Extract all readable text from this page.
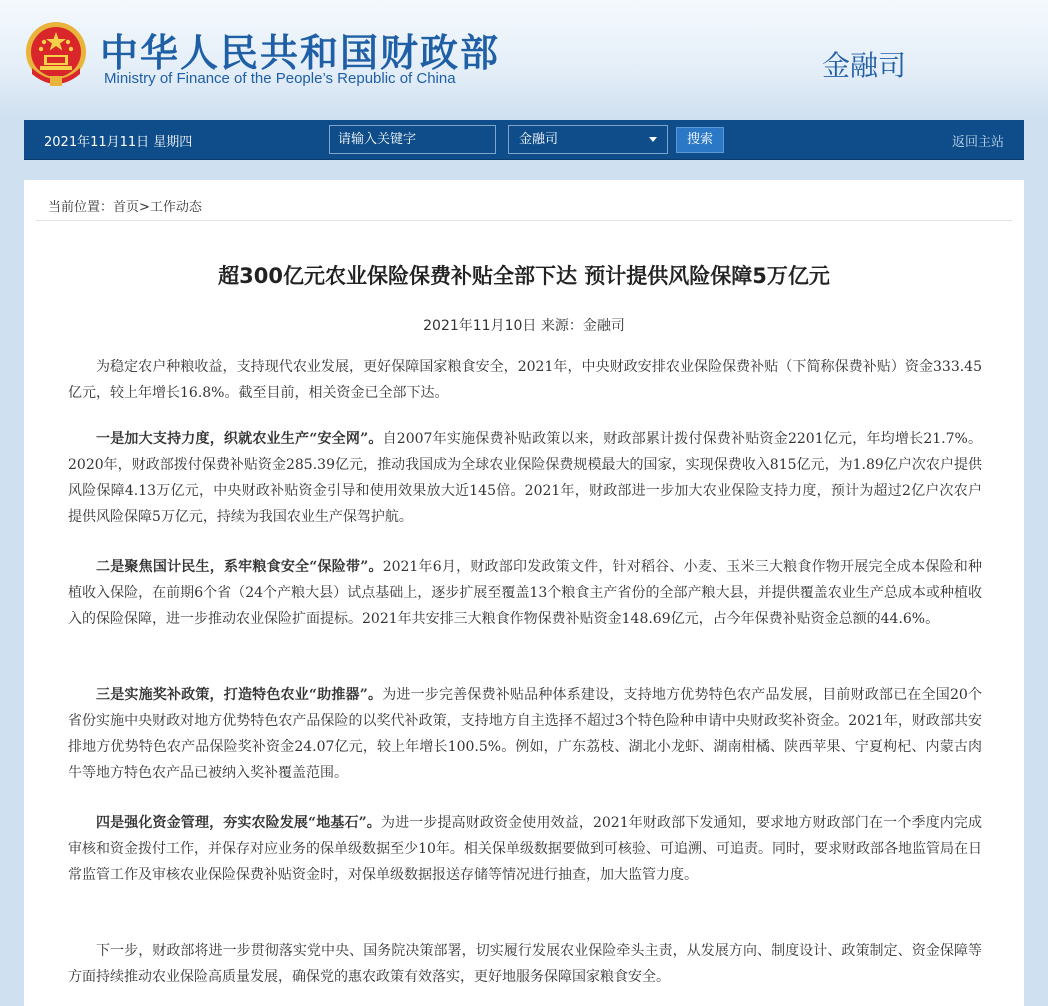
中华人民共和国财政部
Ministry of Finance of the People’s Republic of China	金融司
2021年11月11日 星期四
请输入关键字	金融司	搜索	返回主站
当前位置：首页>工作动态
超300亿元农业保险保费补贴全部下达 预计提供风险保障5万亿元
2021年11月10日 来源：金融司
为稳定农户种粮收益，支持现代农业发展，更好保障国家粮食安全，2021年，中央财政安排农业保险保费补贴（下简称保费补贴）资金333.45亿元，较上年增长16.8%。截至目前，相关资金已全部下达。
一是加大支持力度，织就农业生产“安全网”。自2007年实施保费补贴政策以来，财政部累计拨付保费补贴资金2201亿元，年均增长21.7%。2020年，财政部拨付保费补贴资金285.39亿元，推动我国成为全球农业保险保费规模最大的国家，实现保费收入815亿元，为1.89亿户次农户提供风险保障4.13万亿元，中央财政补贴资金引导和使用效果放大近145倍。2021年，财政部进一步加大农业保险支持力度，预计为超过2亿户次农户提供风险保障5万亿元，持续为我国农业生产保驾护航。
二是聚焦国计民生，系牢粮食安全“保险带”。2021年6月，财政部印发政策文件，针对稻谷、小麦、玉米三大粮食作物开展完全成本保险和种植收入保险，在前期6个省（24个产粮大县）试点基础上，逐步扩展至覆盖13个粮食主产省份的全部产粮大县，并提供覆盖农业生产总成本或种植收入的保险保障，进一步推动农业保险扩面提标。2021年共安排三大粮食作物保费补贴资金148.69亿元，占今年保费补贴资金总额的44.6%。
三是实施奖补政策，打造特色农业“助推器”。为进一步完善保费补贴品种体系建设，支持地方优势特色农产品发展，目前财政部已在全国20个省份实施中央财政对地方优势特色农产品保险的以奖代补政策，支持地方自主选择不超过3个特色险种申请中央财政奖补资金。2021年，财政部共安排地方优势特色农产品保险奖补资金24.07亿元，较上年增长100.5%。例如，广东荔枝、湖北小龙虾、湖南柑橘、陕西苹果、宁夏枸杞、内蒙古肉牛等地方特色农产品已被纳入奖补覆盖范围。
四是强化资金管理，夯实农险发展“地基石”。为进一步提高财政资金使用效益，2021年财政部下发通知，要求地方财政部门在一个季度内完成审核和资金拨付工作，并保存对应业务的保单级数据至少10年。相关保单级数据要做到可核验、可追溯、可追责。同时，要求财政部各地监管局在日常监管工作及审核农业保险保费补贴资金时，对保单级数据报送存储等情况进行抽查，加大监管力度。
下一步，财政部将进一步贯彻落实党中央、国务院决策部署，切实履行发展农业保险牵头主责，从发展方向、制度设计、政策制定、资金保障等方面持续推动农业保险高质量发展，确保党的惠农政策有效落实，更好地服务保障国家粮食安全。
